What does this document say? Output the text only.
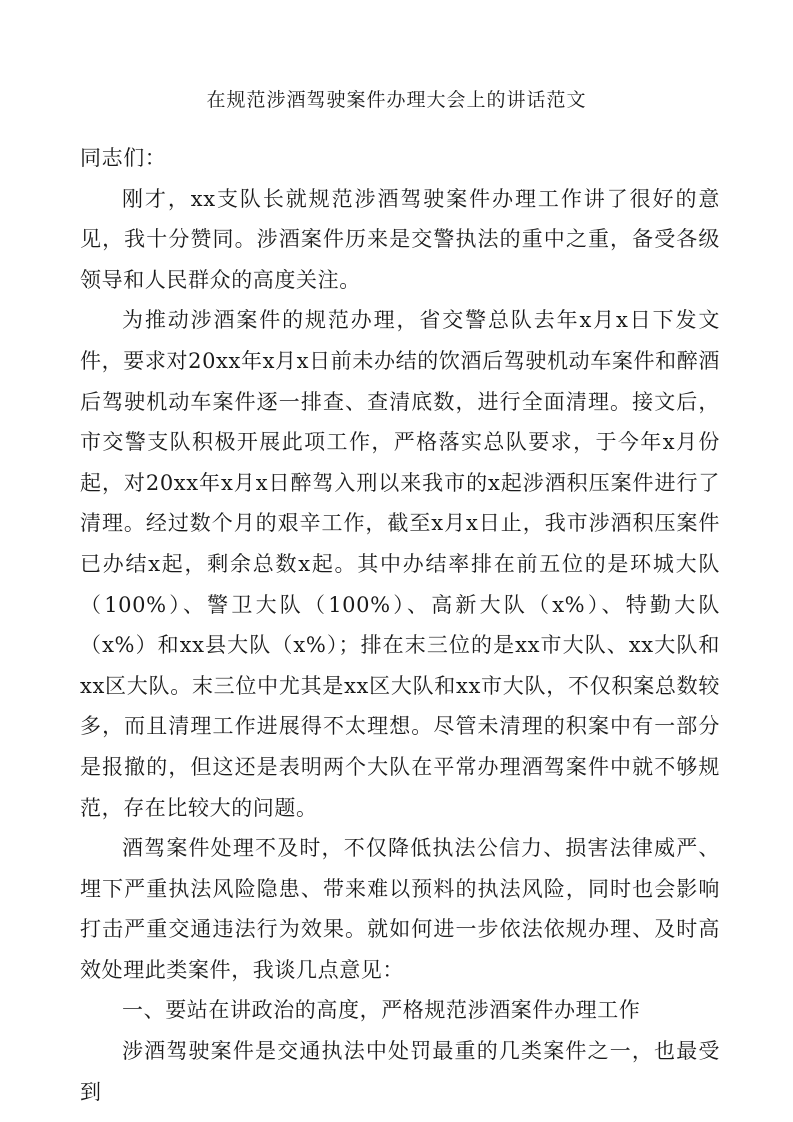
在规范涉酒驾驶案件办理大会上的讲话范文

同志们：

刚才，xx支队长就规范涉酒驾驶案件办理工作讲了很好的意见，我十分赞同。涉酒案件历来是交警执法的重中之重，备受各级领导和人民群众的高度关注。

为推动涉酒案件的规范办理，省交警总队去年x月x日下发文件，要求对20xx年x月x日前未办结的饮酒后驾驶机动车案件和醉酒后驾驶机动车案件逐一排查、查清底数，进行全面清理。接文后，市交警支队积极开展此项工作，严格落实总队要求，于今年x月份起，对20xx年x月x日醉驾入刑以来我市的x起涉酒积压案件进行了清理。经过数个月的艰辛工作，截至x月x日止，我市涉酒积压案件已办结x起，剩余总数x起。其中办结率排在前五位的是环城大队（100%）、警卫大队（100%）、高新大队（x%）、特勤大队（x%）和xx县大队（x%）；排在末三位的是xx市大队、xx大队和xx区大队。末三位中尤其是xx区大队和xx市大队，不仅积案总数较多，而且清理工作进展得不太理想。尽管未清理的积案中有一部分是报撤的，但这还是表明两个大队在平常办理酒驾案件中就不够规范，存在比较大的问题。

酒驾案件处理不及时，不仅降低执法公信力、损害法律威严、埋下严重执法风险隐患、带来难以预料的执法风险，同时也会影响打击严重交通违法行为效果。就如何进一步依法依规办理、及时高效处理此类案件，我谈几点意见：

一、要站在讲政治的高度，严格规范涉酒案件办理工作

涉酒驾驶案件是交通执法中处罚最重的几类案件之一，也最受到
